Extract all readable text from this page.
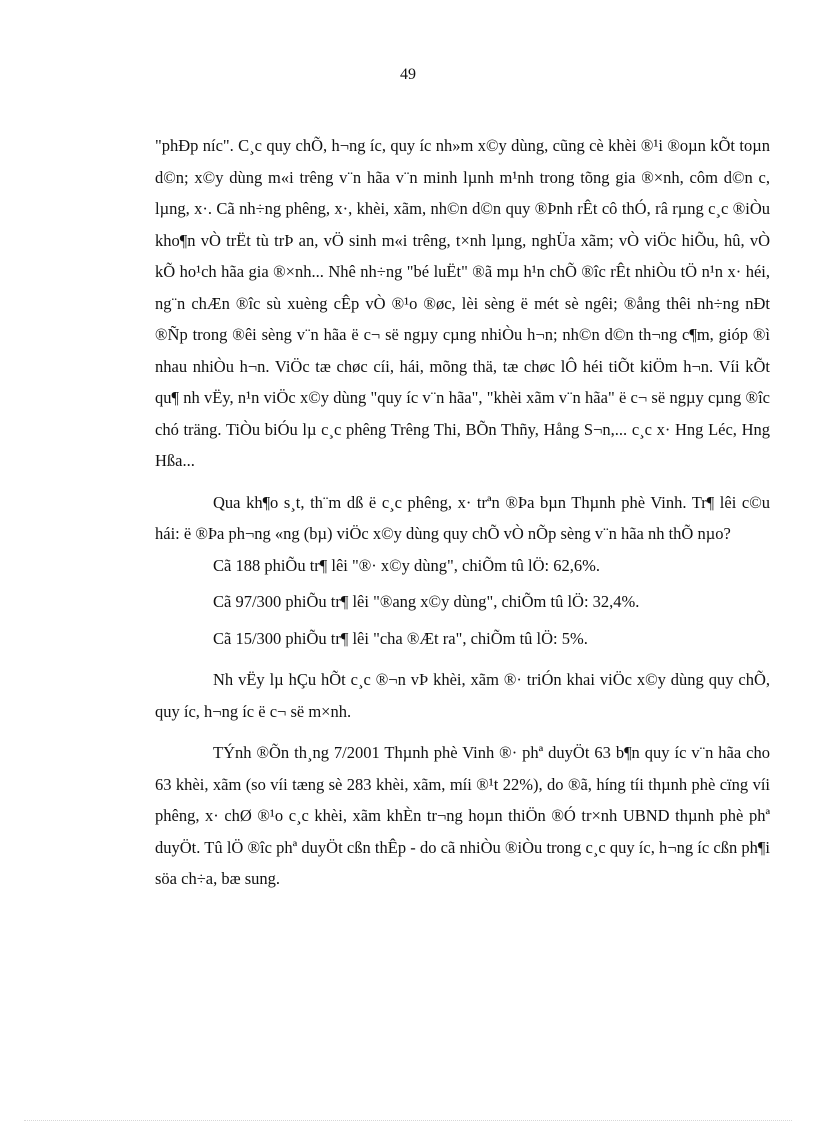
49

"phÐp níc". C¸c quy chÕ, h¬ng íc, quy íc nh»m x©y dùng, cũng cè khèi ®¹i ®oµn kÕt toµn d©n; x©y dùng m«i trêng v¨n hãa v¨n minh lµnh m¹nh trong tõng gia ®×nh, côm d©n c, lµng, x·. Cã nh÷ng phêng, x·, khèi, xãm, nh©n d©n quy ®Þnh rÊt cô thÓ, râ rµng c¸c ®iÒu kho¶n vÒ trËt tù trÞ an, vÖ sinh m«i trêng, t×nh lµng, nghÜa xãm; vÒ viÖc hiÕu, hû, vÒ kÕ ho¹ch hãa gia ®×nh... Nhê nh÷ng "bé luËt" ®ã mµ h¹n chÕ ®îc rÊt nhiÒu tÖ n¹n x· héi, ng¨n chÆn ®îc sù xuèng cÊp vÒ ®¹o ®øc, lèi sèng ë mét sè ngêi; ®ång thêi nh÷ng nÐt ®Ñp trong ®êi sèng v¨n hãa ë c¬ së ngµy cµng nhiÒu h¬n; nh©n d©n th¬ng c¶m, gióp ®ì nhau nhiÒu h¬n. ViÖc tæ chøc cíi, hái, mõng thä, tæ chøc lÔ héi tiÕt kiÖm h¬n. Víi kÕt qu¶ nh vËy, n¹n viÖc x©y dùng "quy íc v¨n hãa", "khèi xãm v¨n hãa" ë c¬ së ngµy cµng ®îc chó träng. TiÒu biÓu lµ c¸c phêng Trêng Thi, BÕn Thñy, Hång S¬n,... c¸c x· Hng Léc, Hng Hßa...

Qua kh¶o s¸t, th¨m dß ë c¸c phêng, x· trªn ®Þa bµn Thµnh phè Vinh. Tr¶ lêi c©u hái: ë ®Þa ph¬ng «ng (bµ) viÖc x©y dùng quy chÕ vÒ nÕp sèng v¨n hãa nh thÕ nµo?

Cã 188 phiÕu tr¶ lêi "®· x©y dùng", chiÕm tû lÖ: 62,6%.

Cã 97/300 phiÕu tr¶ lêi "®ang x©y dùng", chiÕm tû lÖ: 32,4%.

Cã 15/300 phiÕu tr¶ lêi "cha ®Æt ra", chiÕm tû lÖ: 5%.

Nh vËy lµ hÇu hÕt c¸c ®¬n vÞ khèi, xãm ®· triÓn khai viÖc x©y dùng quy chÕ, quy íc, h¬ng íc ë c¬ së m×nh.

TÝnh ®Õn th¸ng 7/2001 Thµnh phè Vinh ®· phª duyÖt 63 b¶n quy íc v¨n hãa cho 63 khèi, xãm (so víi tæng sè 283 khèi, xãm, míi ®¹t 22%), do ®ã, híng tíi thµnh phè cïng víi phêng, x· chØ ®¹o c¸c khèi, xãm khÈn tr¬ng hoµn thiÖn ®Ó tr×nh UBND thµnh phè phª duyÖt. Tû lÖ ®îc phª duyÖt cßn thÊp - do cã nhiÒu ®iÒu trong c¸c quy íc, h¬ng íc cßn ph¶i söa ch÷a, bæ sung.
